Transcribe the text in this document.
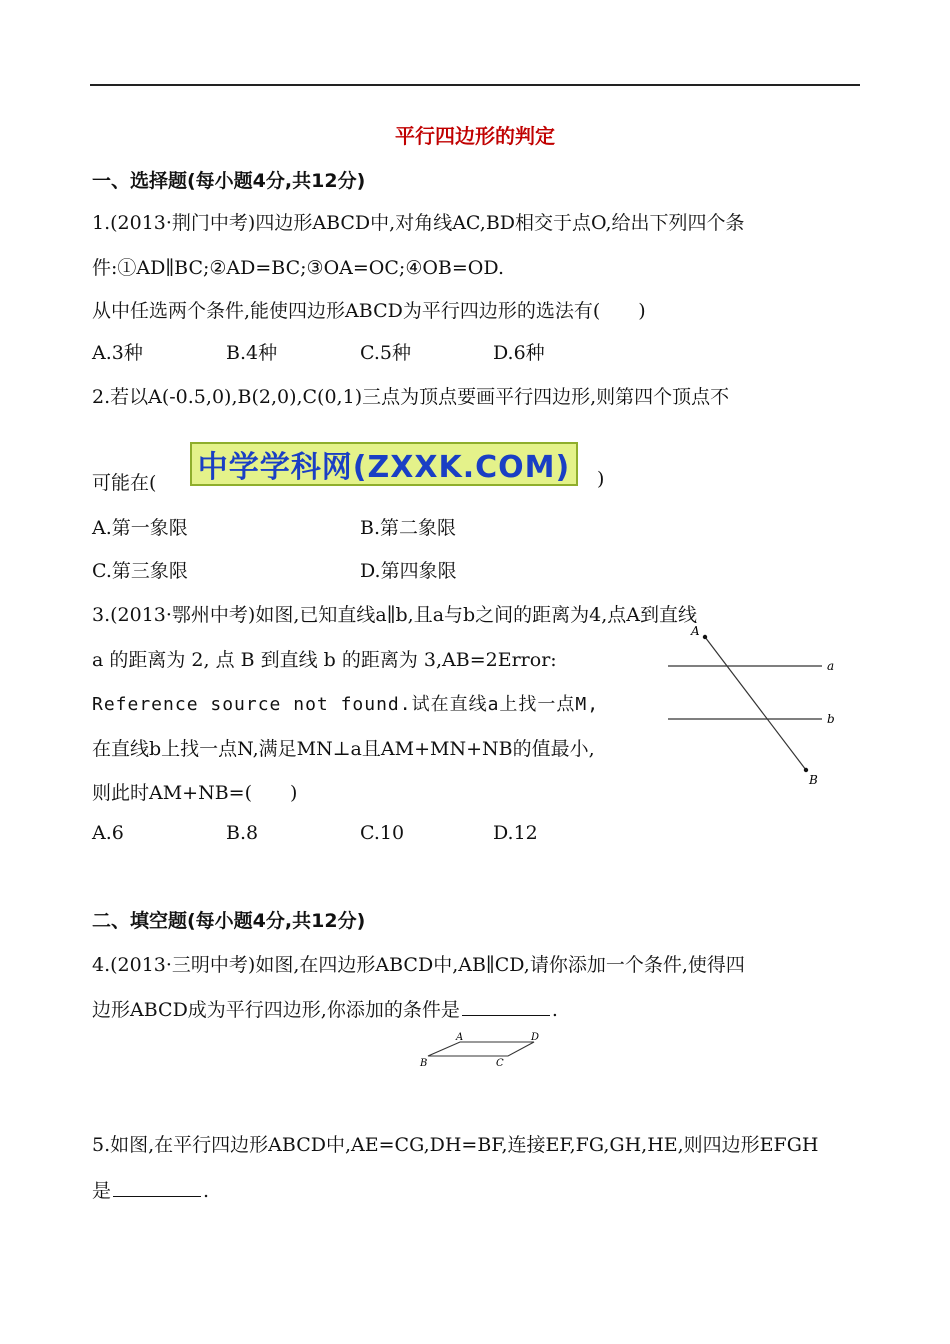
平行四边形的判定
一、选择题(每小题4分,共12分)
1.(2013·荆门中考)四边形ABCD中,对角线AC,BD相交于点O,给出下列四个条
件:①AD∥BC;②AD=BC;③OA=OC;④OB=OD.
从中任选两个条件,能使四边形ABCD为平行四边形的选法有(　　)
A.3种	B.4种	C.5种	D.6种
2.若以A(-0.5,0),B(2,0),C(0,1)三点为顶点要画平行四边形,则第四个顶点不
可能在( 中学学科网(ZXXK.COM) )
A.第一象限	B.第二象限
C.第三象限	D.第四象限
3.(2013·鄂州中考)如图,已知直线a∥b,且a与b之间的距离为4,点A到直线
a 的距离为 2, 点 B 到直线 b 的距离为 3,AB=2Error:
Reference source not found.试在直线a上找一点M,
在直线b上找一点N,满足MN⊥a且AM+MN+NB的值最小,
则此时AM+NB=(　　)
A.6	B.8	C.10	D.12
A
a
b
B
二、填空题(每小题4分,共12分)
4.(2013·三明中考)如图,在四边形ABCD中,AB∥CD,请你添加一个条件,使得四
边形ABCD成为平行四边形,你添加的条件是	.
A	D
B	C
5.如图,在平行四边形ABCD中,AE=CG,DH=BF,连接EF,FG,GH,HE,则四边形EFGH
是	.
